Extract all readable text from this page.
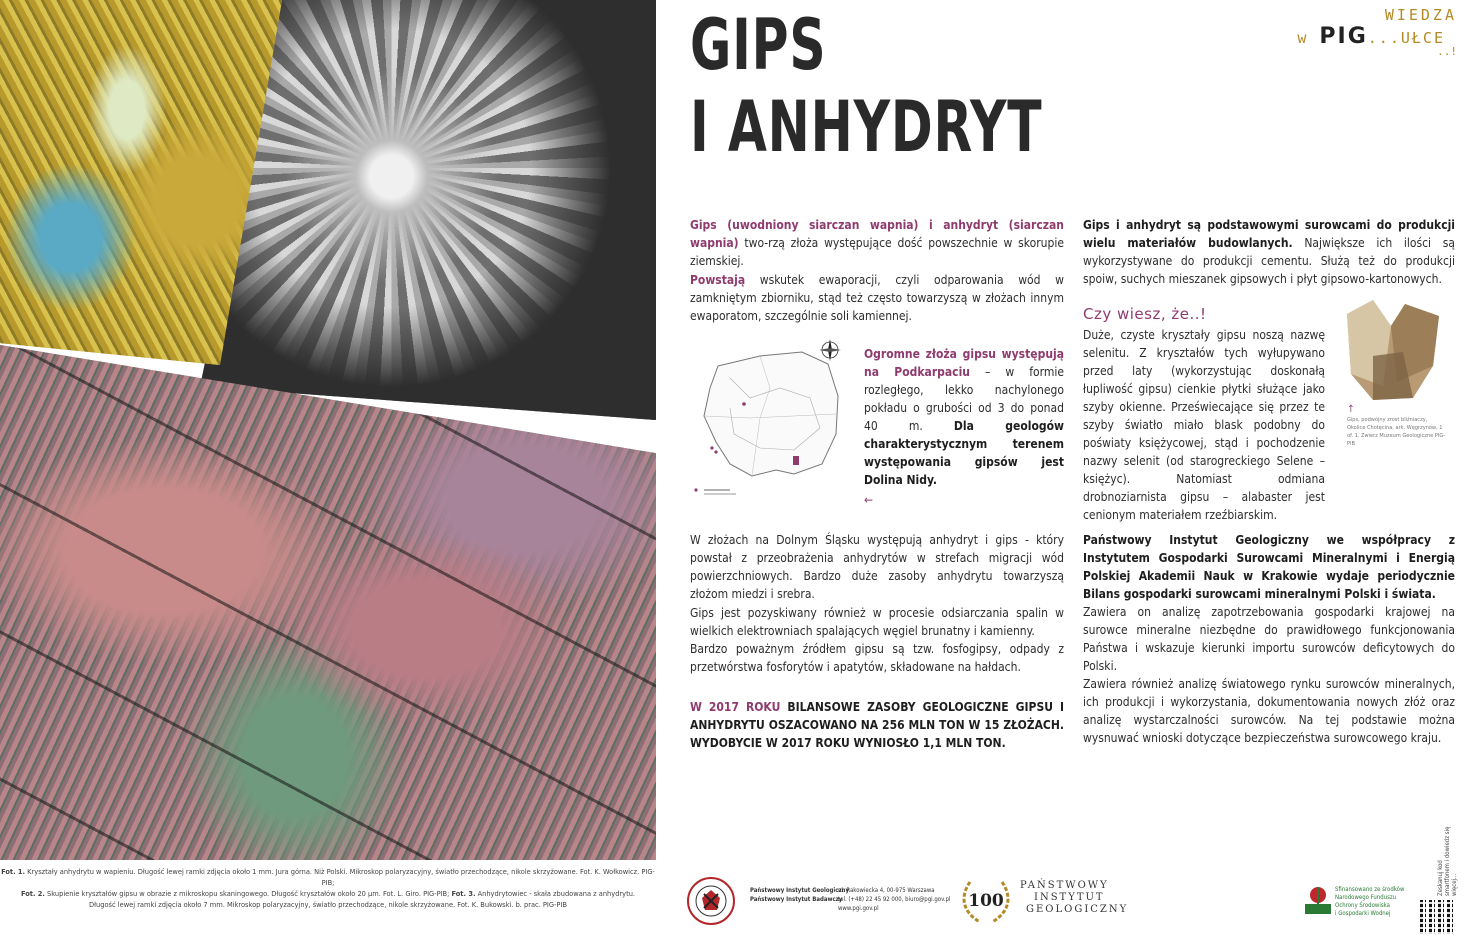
Fot. 1. Kryształy anhydrytu w wapieniu. Długość lewej ramki zdjęcia około 1 mm. Jura górna. Niż Polski. Mikroskop polaryzacyjny, światło przechodzące, nikole skrzyżowane. Fot. K. Wołkowicz. PIG-PIB;
Fot. 2. Skupienie kryształów gipsu w obrazie z mikroskopu skaningowego. Długość kryształów około 20 µm. Fot. L. Giro. PIG-PIB; Fot. 3. Anhydrytowiec - skała zbudowana z anhydrytu.
Długość lewej ramki zdjęcia około 7 mm. Mikroskop polaryzacyjny, światło przechodzące, nikole skrzyżowane. Fot. K. Bukowski. b. prac. PIG-PIB
GIPS
I ANHYDRYT
WIEDZA
w PIG...UŁCE
..!
Gips (uwodniony siarczan wapnia) i anhydryt (siarczan wapnia) two-rzą złoża występujące dość powszechnie w skorupie ziemskiej.
Powstają wskutek ewaporacji, czyli odparowania wód w zamkniętym zbiorniku, stąd też często towarzyszą w złożach innym ewaporatom, szczególnie soli kamiennej.
Ogromne złoża gipsu występują na Podkarpaciu – w formie rozległego, lekko nachylonego pokładu o grubości od 3 do ponad 40 m. Dla geologów charakterystycznym terenem występowania gipsów jest Dolina Nidy.
←
W złożach na Dolnym Śląsku występują anhydryt i gips - który powstał z przeobrażenia anhydrytów w strefach migracji wód powierzchniowych. Bardzo duże zasoby anhydrytu towarzyszą złożom miedzi i srebra.
Gips jest pozyskiwany również w procesie odsiarczania spalin w wielkich elektrowniach spalających węgiel brunatny i kamienny.
Bardzo poważnym źródłem gipsu są tzw. fosfogipsy, odpady z przetwórstwa fosforytów i apatytów, składowane na hałdach.
W 2017 ROKU BILANSOWE ZASOBY GEOLOGICZNE GIPSU I ANHYDRYTU OSZACOWANO NA 256 MLN TON W 15 ZŁOŻACH. WYDOBYCIE W 2017 ROKU WYNIOSŁO 1,1 MLN TON.
Gips i anhydryt są podstawowymi surowcami do produkcji wielu materiałów budowlanych. Największe ich ilości są wykorzystywane do produkcji cementu. Służą też do produkcji spoiw, suchych mieszanek gipsowych i płyt gipsowo-kartonowych.
Czy wiesz, że..!
Duże, czyste kryształy gipsu noszą nazwę selenitu. Z kryształów tych wyłupywano przed laty (wykorzystując doskonałą łupliwość gipsu) cienkie płytki służące jako szyby okienne. Przeświecające się przez te szyby światło miało blask podobny do poświaty księżycowej, stąd i pochodzenie nazwy selenit (od starogreckiego Selene – księżyc). Natomiast odmiana drobnoziarnista gipsu – alabaster jest cenionym materiałem rzeźbiarskim.
↑
Gips, podwójny zrost bliźniaczy, Okolice Chotęcina, ark. Węgrzynów, 1 of. 1. Zwierz Muzeum Geologiczne PIG-PIB
Państwowy Instytut Geologiczny we współpracy z Instytutem Gospodarki Surowcami Mineralnymi i Energią Polskiej Akademii Nauk w Krakowie wydaje periodycznie Bilans gospodarki surowcami mineralnymi Polski i świata.
Zawiera on analizę zapotrzebowania gospodarki krajowej na surowce mineralne niezbędne do prawidłowego funkcjonowania Państwa i wskazuje kierunki importu surowców deficytowych do Polski.
Zawiera również analizę światowego rynku surowców mineralnych, ich produkcji i wykorzystania, dokumentowania nowych złóż oraz analizę wystarczalności surowców. Na tej podstawie można wysnuwać wnioski dotyczące bezpieczeństwa surowcowego kraju.
Państwowy Instytut Geologiczny
Państwowy Instytut Badawczy
ul. Rakowiecka 4, 00-975 Warszawa
tel. (+48) 22 45 92 000, biuro@pgi.gov.pl
www.pgi.gov.pl	100
PAŃSTWOWY
INSTYTUT
GEOLOGICZNY
Sfinansowano ze środków
Narodowego Funduszu
Ochrony Środowiska
i Gospodarki Wodnej
Zeskanuj kod smartfonem i dowiedz się więcej...
